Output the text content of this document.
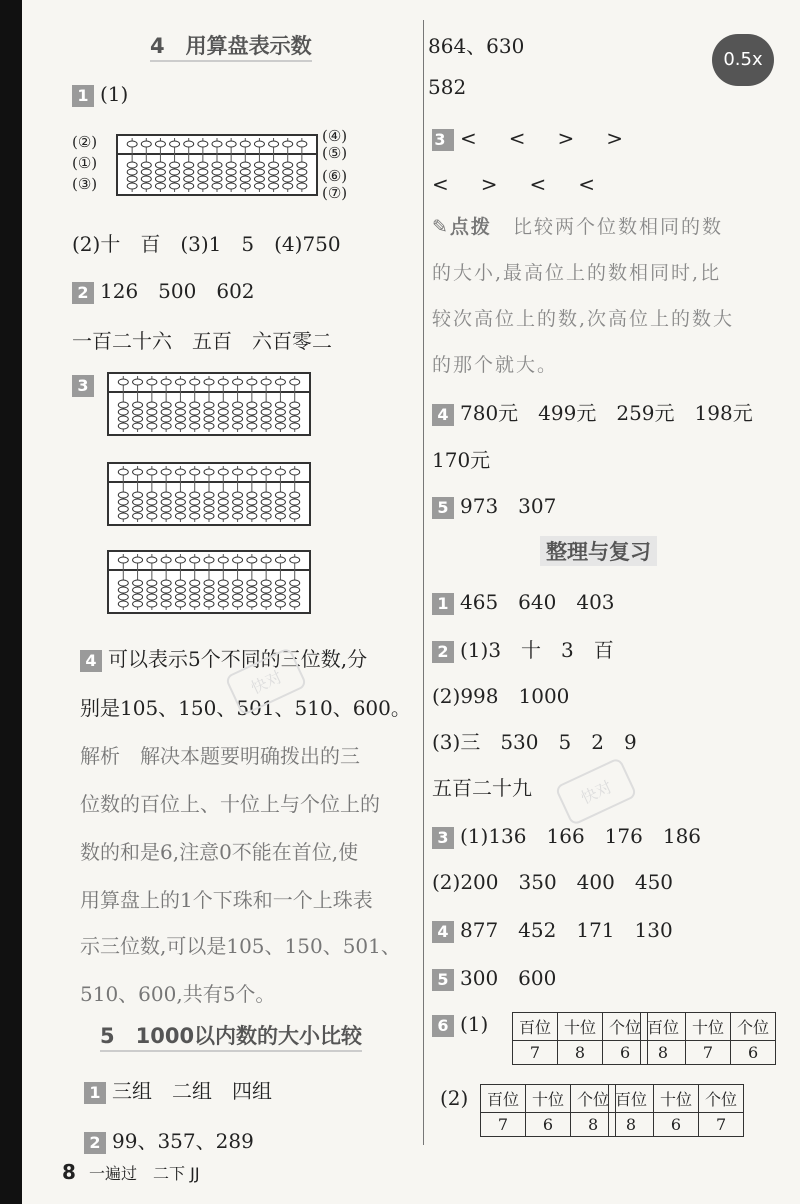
0.5x
4　用算盘表示数
1 (1)
(②)
(①)
(③)
(④)
(⑤)
(⑥)
(⑦)
(2)十　百　(3)1　5　(4)750
2 126　500　602
一百二十六　五百　六百零二
3
4 可以表示5个不同的三位数,分
别是105、150、501、510、600。
解析　 解决本题要明确拨出的三
位数的百位上、十位上与个位上的
数的和是6,注意0不能在首位,使
用算盘上的1个下珠和一个上珠表
示三位数,可以是105、150、501、
510、600,共有5个。
5　1000以内数的大小比较
1 三组　二组　四组
2 99、357、289
8 一遍过　二下 JJ
864、630
582
3 <　<　>　>
<　>　<　<
✎点拨　 比较两个位数相同的数
的大小,最高位上的数相同时,比
较次高位上的数,次高位上的数大
的那个就大。
4 780元　499元　259元　198元
170元
5 973　307
整理与复习
1 465　640　403
2 (1)3　十　3　百
(2)998　1000
(3)三　530　5　2　9
五百二十九
3 (1)136　166　176　186
(2)200　350　400　450
4 877　452　171　130
5 300　600
6 (1)
(2)
百位	十位	个位
7	8	6
百位	十位	个位
8	7	6
百位	十位	个位
7	6	8
百位	十位	个位
8	6	7
快对
快对
